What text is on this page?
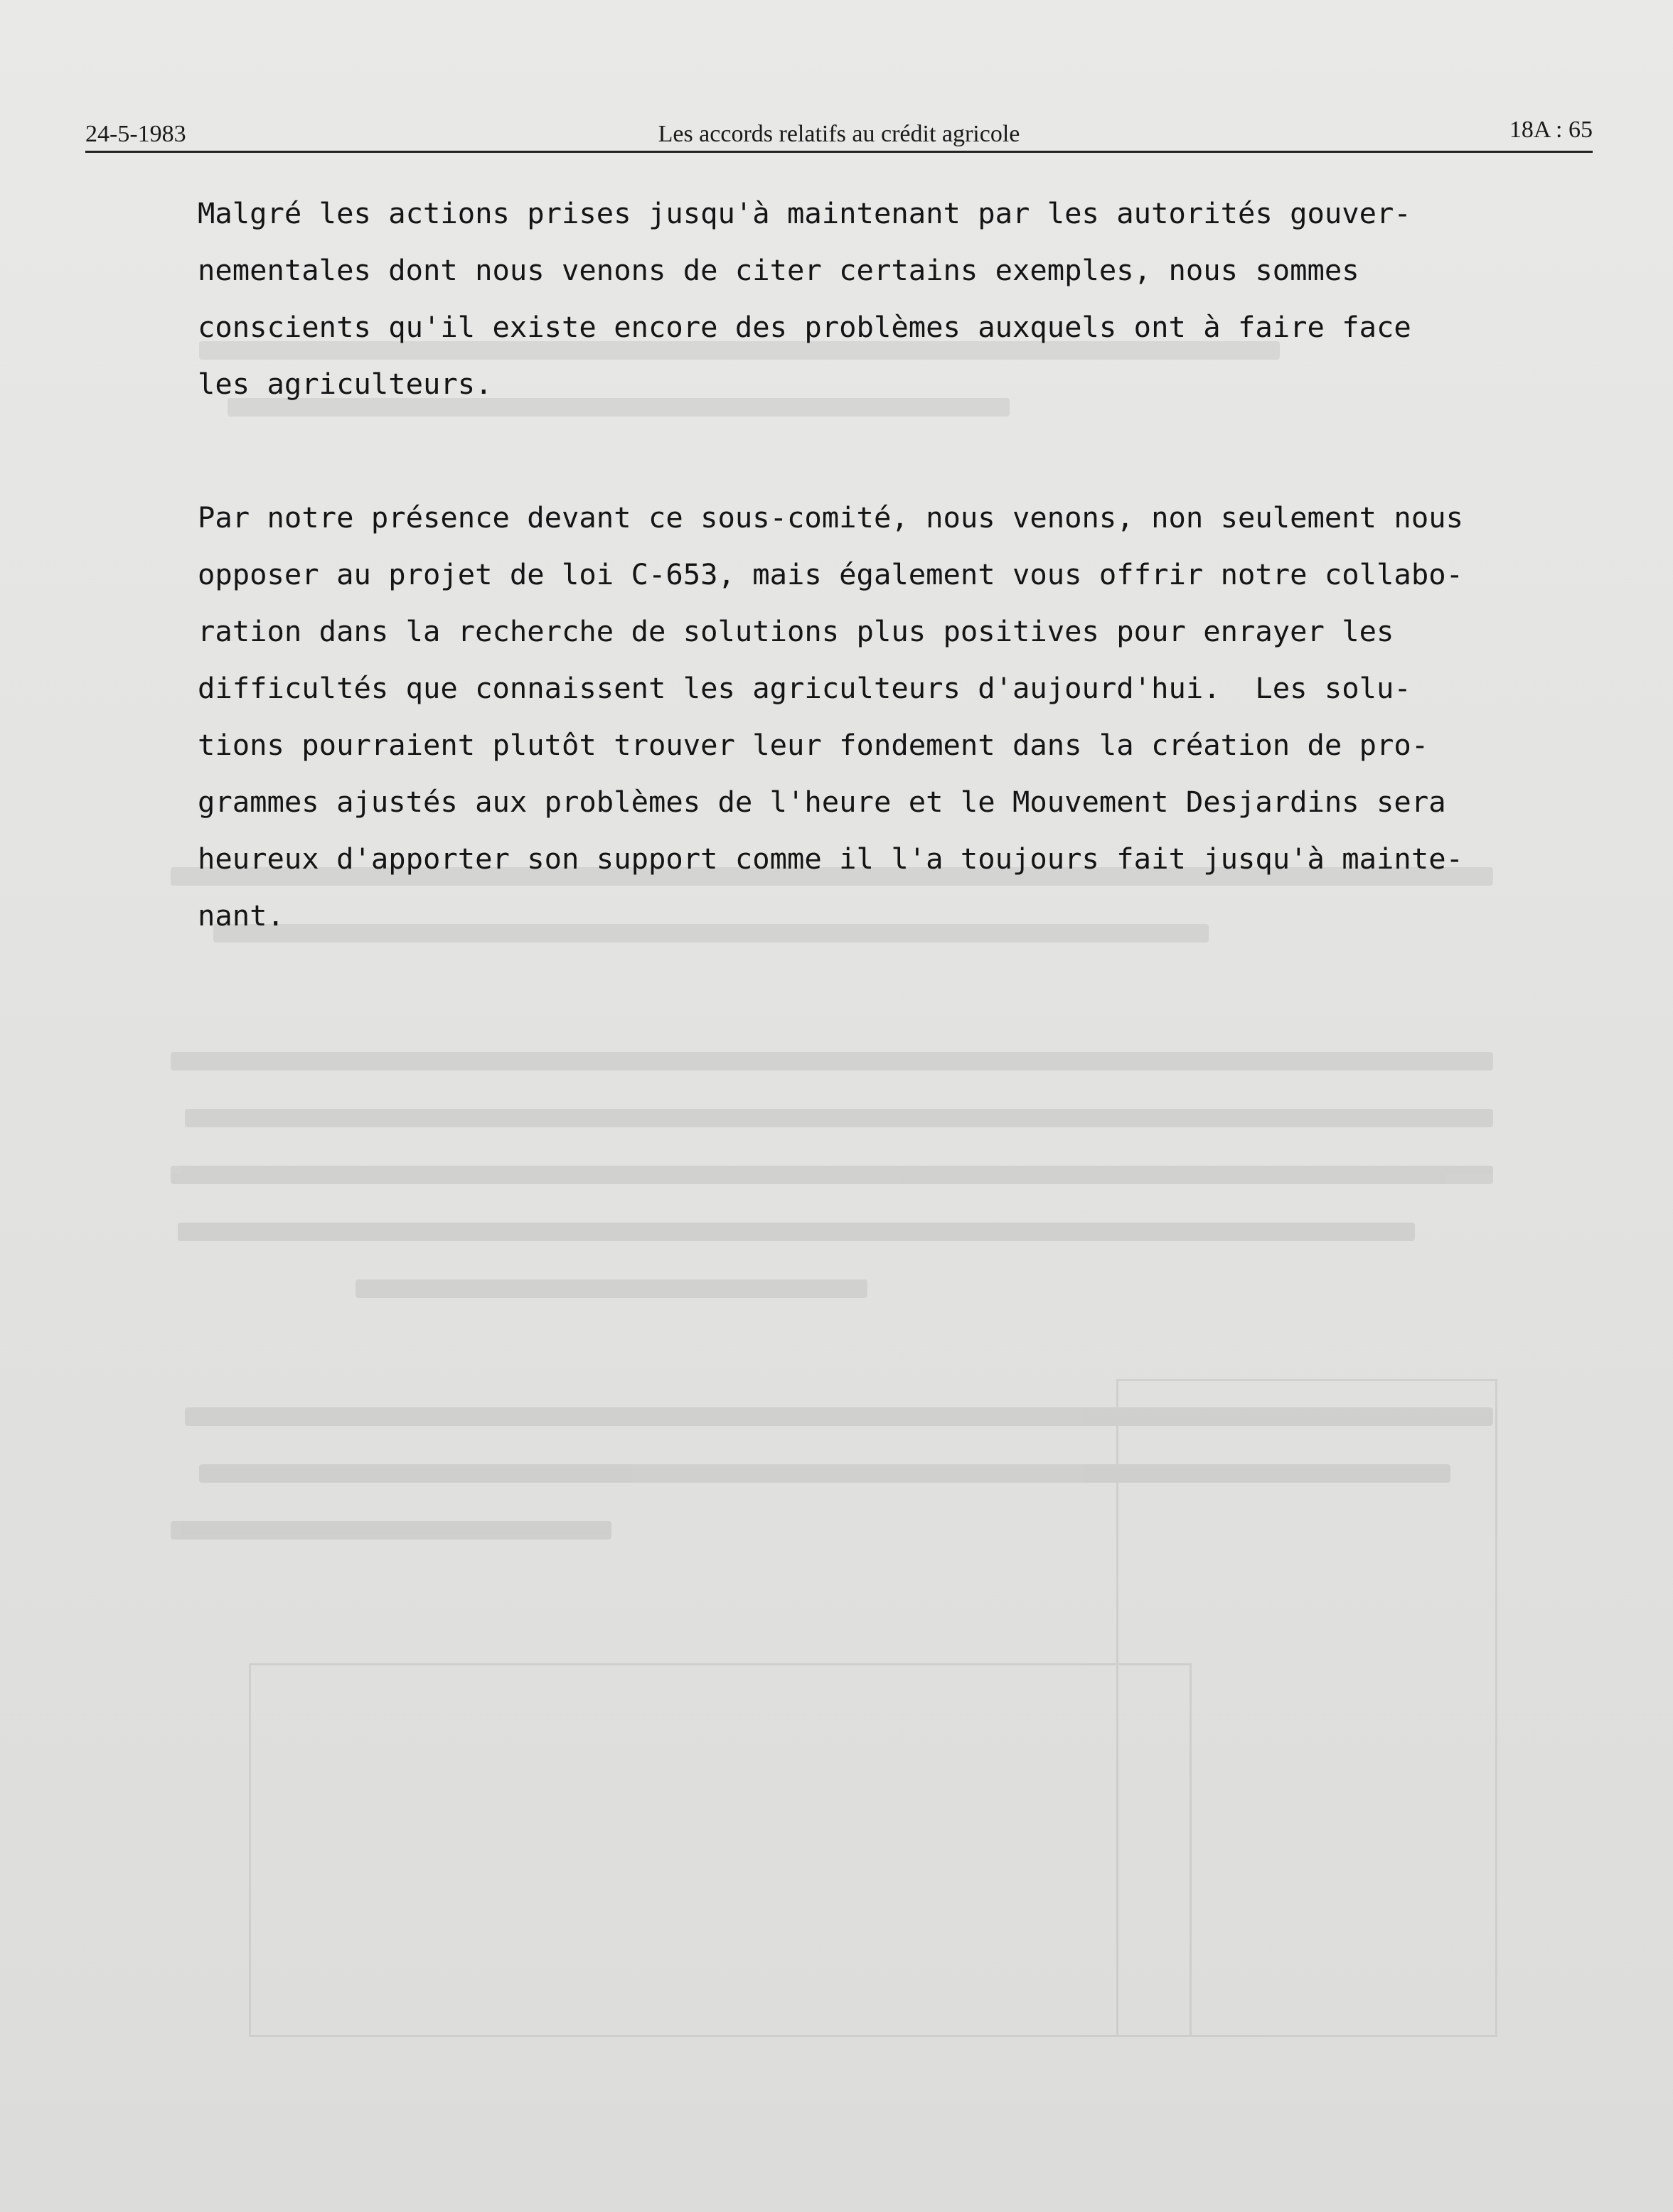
24-5-1983	Les accords relatifs au crédit agricole	18A : 65

Malgré les actions prises jusqu'à maintenant par les autorités gouver-

nementales dont nous venons de citer certains exemples, nous sommes

conscients qu'il existe encore des problèmes auxquels ont à faire face

les agriculteurs.

Par notre présence devant ce sous-comité, nous venons, non seulement nous

opposer au projet de loi C-653, mais également vous offrir notre collabo-

ration dans la recherche de solutions plus positives pour enrayer les

difficultés que connaissent les agriculteurs d'aujourd'hui.  Les solu-

tions pourraient plutôt trouver leur fondement dans la création de pro-

grammes ajustés aux problèmes de l'heure et le Mouvement Desjardins sera

heureux d'apporter son support comme il l'a toujours fait jusqu'à mainte-

nant.
